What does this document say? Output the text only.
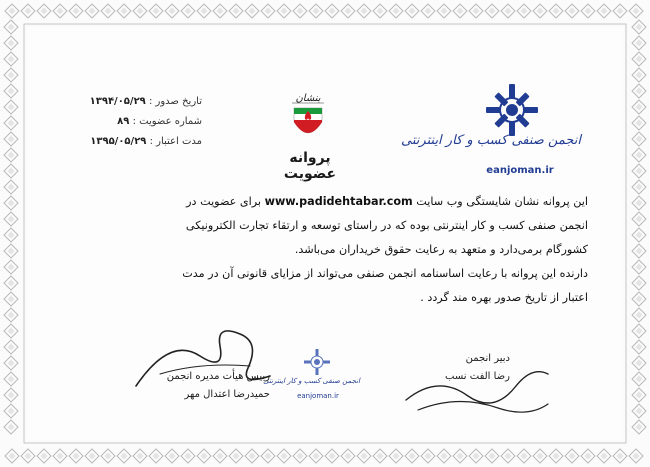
تاریخ صدور : ۱۳۹۴/۰۵/۲۹
شماره عضویت : ۸۹
مدت اعتبار : ۱۳۹۵/۰۵/۲۹
بنشان
پروانه عضویت
انجمن صنفی کسب و کار اینترنتی
eanjoman.ir

این پروانه نشان شایستگی وب سایت www.padidehtabar.com برای عضویت در

انجمن صنفی کسب و کار اینترنتی بوده که در راستای توسعه و ارتقاء تجارت الکترونیکی

کشورگام برمی‌دارد و متعهد به رعایت حقوق خریداران می‌باشد.

دارنده این پروانه با رعایت اساسنامه انجمن صنفی می‌تواند از مزایای قانونی آن در مدت

اعتبار از تاریخ صدور بهره مند گردد .

رییس هیأت مدیره انجمن
حمیدرضا اعتدال مهر
دبیر انجمن
رضا الفت نسب
انجمن صنفی کسب و کار اینترنتی
eanjoman.ir
